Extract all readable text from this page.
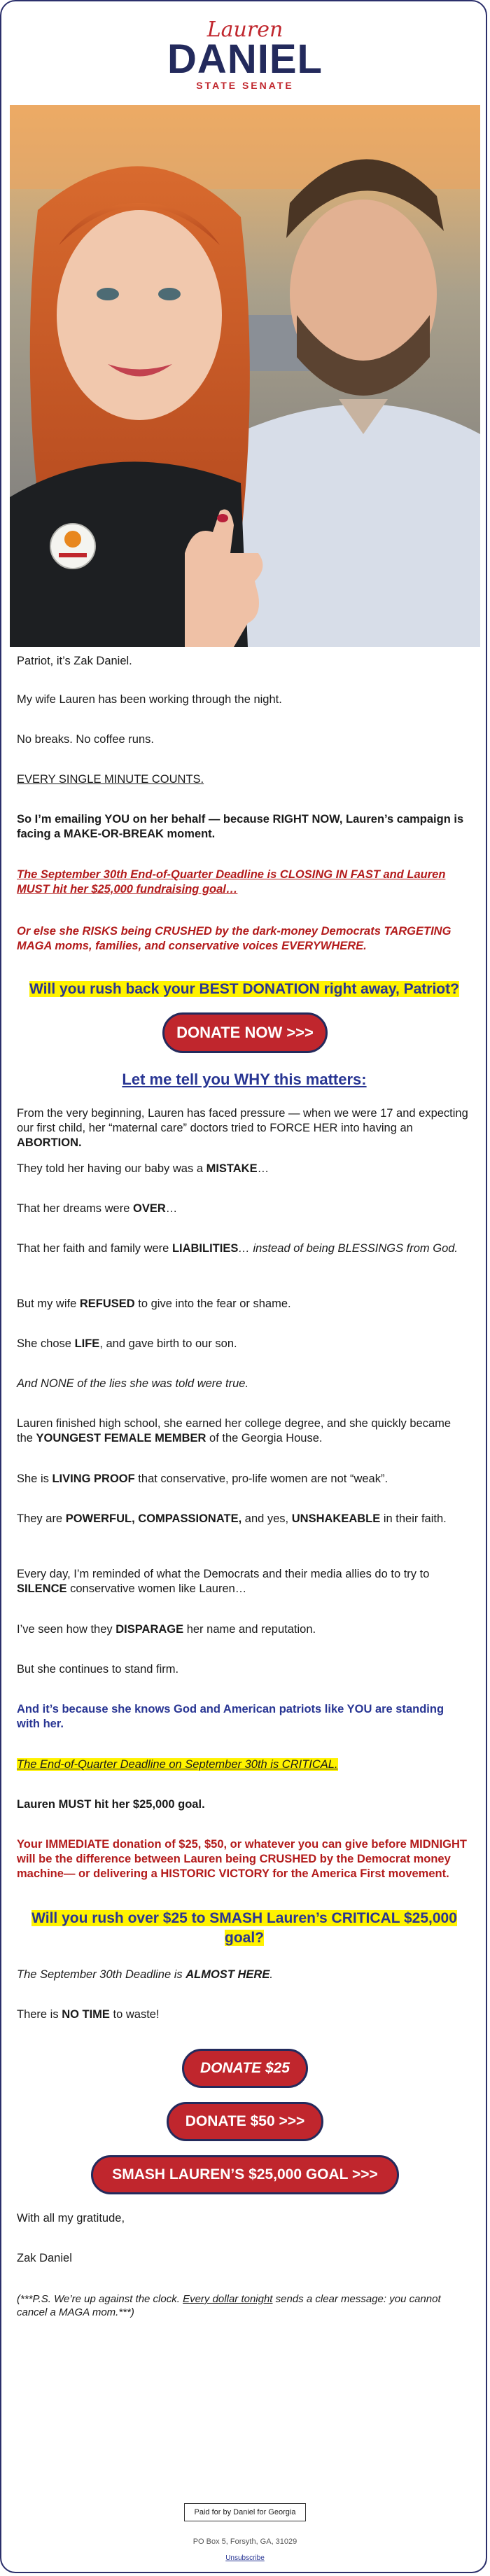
Lauren
DANIEL
STATE SENATE

Patriot, it’s Zak Daniel.

My wife Lauren has been working through the night.

No breaks. No coffee runs.

EVERY SINGLE MINUTE COUNTS.

So I’m emailing YOU on her behalf — because RIGHT NOW, Lauren’s campaign is facing a MAKE-OR-BREAK moment.

The September 30th End-of-Quarter Deadline is CLOSING IN FAST and Lauren MUST hit her $25,000 fundraising goal…

Or else she RISKS being CRUSHED by the dark-money Democrats TARGETING MAGA moms, families, and conservative voices EVERYWHERE.

Will you rush back your BEST DONATION right away, Patriot?

DONATE NOW >>>

Let me tell you WHY this matters:

From the very beginning, Lauren has faced pressure — when we were 17 and expecting our first child, her “maternal care” doctors tried to FORCE HER into having an ABORTION.

They told her having our baby was a MISTAKE…

That her dreams were OVER…

That her faith and family were LIABILITIES… instead of being BLESSINGS from God.

But my wife REFUSED to give into the fear or shame.

She chose LIFE, and gave birth to our son.

And NONE of the lies she was told were true.

Lauren finished high school, she earned her college degree, and she quickly became the YOUNGEST FEMALE MEMBER of the Georgia House.

She is LIVING PROOF that conservative, pro-life women are not “weak”.

They are POWERFUL, COMPASSIONATE, and yes, UNSHAKEABLE in their faith.

Every day, I’m reminded of what the Democrats and their media allies do to try to SILENCE conservative women like Lauren…

I’ve seen how they DISPARAGE her name and reputation.

But she continues to stand firm.

And it’s because she knows God and American patriots like YOU are standing with her.

The End-of-Quarter Deadline on September 30th is CRITICAL.

Lauren MUST hit her $25,000 goal.

Your IMMEDIATE donation of $25, $50, or whatever you can give before MIDNIGHT will be the difference between Lauren being CRUSHED by the Democrat money machine— or delivering a HISTORIC VICTORY for the America First movement.

Will you rush over $25 to SMASH Lauren’s CRITICAL $25,000 goal?

The September 30th Deadline is ALMOST HERE.

There is NO TIME to waste!

DONATE $25
DONATE $50 >>>
SMASH LAUREN’S $25,000 GOAL >>>

With all my gratitude,

Zak Daniel

(***P.S. We’re up against the clock. Every dollar tonight sends a clear message: you cannot cancel a MAGA mom.***)

Paid for by Daniel for Georgia
PO Box 5, Forsyth, GA, 31029
Unsubscribe
